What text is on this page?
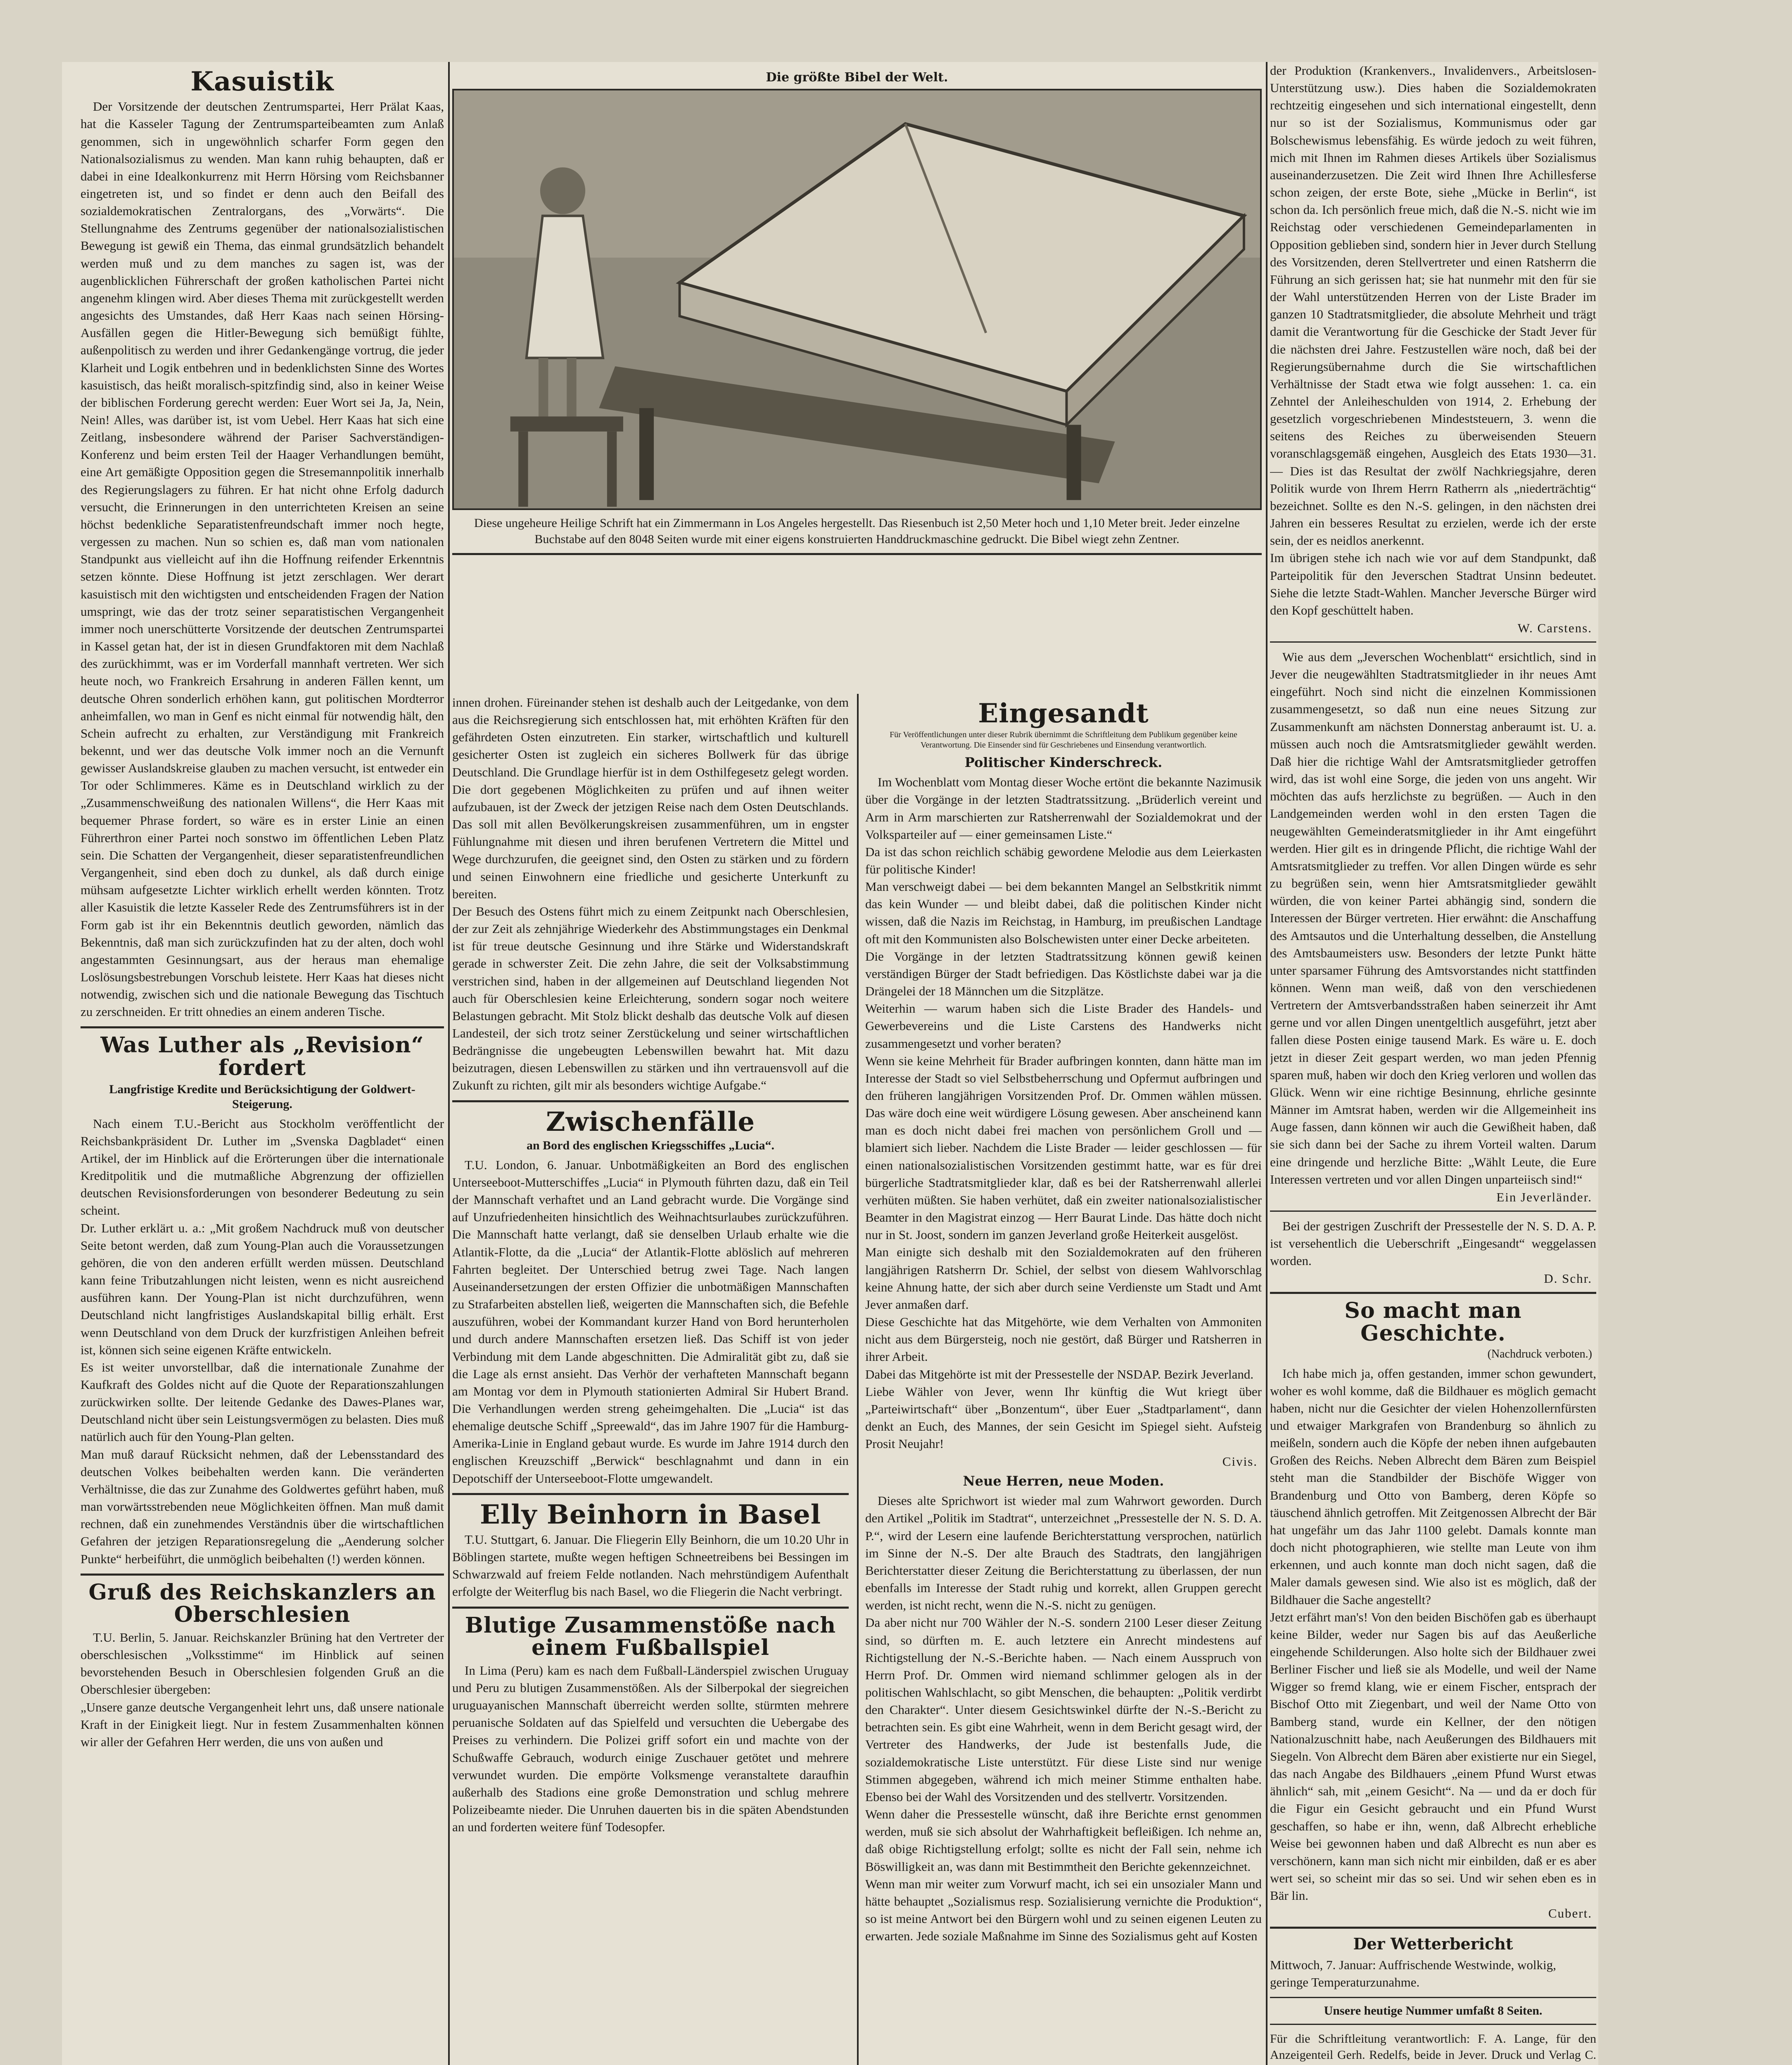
Kasuistik

Der Vorsitzende der deutschen Zentrumspartei, Herr Prälat Kaas, hat die Kasseler Tagung der Zentrumsparteibeamten zum Anlaß genommen, sich in ungewöhnlich scharfer Form gegen den Nationalsozialismus zu wenden. Man kann ruhig behaupten, daß er dabei in eine Idealkonkurrenz mit Herrn Hörsing vom Reichsbanner eingetreten ist, und so findet er denn auch den Beifall des sozialdemokratischen Zentralorgans, des „Vorwärts“. Die Stellungnahme des Zentrums gegenüber der nationalsozialistischen Bewegung ist gewiß ein Thema, das einmal grundsätzlich behandelt werden muß und zu dem manches zu sagen ist, was der augenblicklichen Führerschaft der großen katholischen Partei nicht angenehm klingen wird. Aber dieses Thema mit zurückgestellt werden angesichts des Umstandes, daß Herr Kaas nach seinen Hörsing-Ausfällen gegen die Hitler-Bewegung sich bemüßigt fühlte, außenpolitisch zu werden und ihrer Gedankengänge vortrug, die jeder Klarheit und Logik entbehren und in bedenklichsten Sinne des Wortes kasuistisch, das heißt moralisch-spitzfindig sind, also in keiner Weise der biblischen Forderung gerecht werden: Euer Wort sei Ja, Ja, Nein, Nein! Alles, was darüber ist, ist vom Uebel. Herr Kaas hat sich eine Zeitlang, insbesondere während der Pariser Sachverständigen-Konferenz und beim ersten Teil der Haager Verhandlungen bemüht, eine Art gemäßigte Opposition gegen die Stresemannpolitik innerhalb des Regierungslagers zu führen. Er hat nicht ohne Erfolg dadurch versucht, die Erinnerungen in den unterrichteten Kreisen an seine höchst bedenkliche Separatistenfreundschaft immer noch hegte, vergessen zu machen. Nun so schien es, daß man vom nationalen Standpunkt aus vielleicht auf ihn die Hoffnung reifender Erkenntnis setzen könnte. Diese Hoffnung ist jetzt zerschlagen. Wer derart kasuistisch mit den wichtigsten und entscheidenden Fragen der Nation umspringt, wie das der trotz seiner separatistischen Vergangenheit immer noch unerschütterte Vorsitzende der deutschen Zentrumspartei in Kassel getan hat, der ist in diesen Grundfaktoren mit dem Nachlaß des zurückhimmt, was er im Vorderfall mannhaft vertreten. Wer sich heute noch, wo Frankreich Ersahrung in anderen Fällen kennt, um deutsche Ohren sonderlich erhöhen kann, gut politischen Mordterror anheimfallen, wo man in Genf es nicht einmal für notwendig hält, den Schein aufrecht zu erhalten, zur Verständigung mit Frankreich bekennt, und wer das deutsche Volk immer noch an die Vernunft gewisser Auslandskreise glauben zu machen versucht, ist entweder ein Tor oder Schlimmeres. Käme es in Deutschland wirklich zu der „Zusammenschweißung des nationalen Willens“, die Herr Kaas mit bequemer Phrase fordert, so wäre es in erster Linie an einen Führerthron einer Partei noch sonstwo im öffentlichen Leben Platz sein. Die Schatten der Vergangenheit, dieser separatistenfreundlichen Vergangenheit, sind eben doch zu dunkel, als daß durch einige mühsam aufgesetzte Lichter wirklich erhellt werden könnten. Trotz aller Kasuistik die letzte Kasseler Rede des Zentrumsführers ist in der Form gab ist ihr ein Bekenntnis deutlich geworden, nämlich das Bekenntnis, daß man sich zurückzufinden hat zu der alten, doch wohl angestammten Gesinnungsart, aus der heraus man ehemalige Loslösungsbestrebungen Vorschub leistete. Herr Kaas hat dieses nicht notwendig, zwischen sich und die nationale Bewegung das Tischtuch zu zerschneiden. Er tritt ohnedies an einem anderen Tische.

Was Luther als „Revision“ fordert
Langfristige Kredite und Berücksichtigung der Goldwert-Steigerung.

Nach einem T.U.-Bericht aus Stockholm veröffentlicht der Reichsbankpräsident Dr. Luther im „Svenska Dagbladet“ einen Artikel, der im Hinblick auf die Erörterungen über die internationale Kreditpolitik und die mutmaßliche Abgrenzung der offiziellen deutschen Revisionsforderungen von besonderer Bedeutung zu sein scheint.
Dr. Luther erklärt u. a.: „Mit großem Nachdruck muß von deutscher Seite betont werden, daß zum Young-Plan auch die Voraussetzungen gehören, die von den anderen erfüllt werden müssen. Deutschland kann feine Tributzahlungen nicht leisten, wenn es nicht ausreichend ausführen kann. Der Young-Plan ist nicht durchzuführen, wenn Deutschland nicht langfristiges Auslandskapital billig erhält. Erst wenn Deutschland von dem Druck der kurzfristigen Anleihen befreit ist, können sich seine eigenen Kräfte entwickeln.
Es ist weiter unvorstellbar, daß die internationale Zunahme der Kaufkraft des Goldes nicht auf die Quote der Reparationszahlungen zurückwirken sollte. Der leitende Gedanke des Dawes-Planes war, Deutschland nicht über sein Leistungsvermögen zu belasten. Dies muß natürlich auch für den Young-Plan gelten.
Man muß darauf Rücksicht nehmen, daß der Lebensstandard des deutschen Volkes beibehalten werden kann. Die veränderten Verhältnisse, die das zur Zunahme des Goldwertes geführt haben, muß man vorwärtsstrebenden neue Möglichkeiten öffnen. Man muß damit rechnen, daß ein zunehmendes Verständnis über die wirtschaftlichen Gefahren der jetzigen Reparationsregelung die „Aenderung solcher Punkte“ herbeiführt, die unmöglich beibehalten (!) werden können.

Gruß des Reichskanzlers an Oberschlesien

T.U. Berlin, 5. Januar. Reichskanzler Brüning hat den Vertreter der oberschlesischen „Volksstimme“ im Hinblick auf seinen bevorstehenden Besuch in Oberschlesien folgenden Gruß an die Oberschlesier übergeben:
„Unsere ganze deutsche Vergangenheit lehrt uns, daß unsere nationale Kraft in der Einigkeit liegt. Nur in festem Zusammenhalten können wir aller der Gefahren Herr werden, die uns von außen und

Die größte Bibel der Welt.
Diese ungeheure Heilige Schrift hat ein Zimmermann in Los Angeles hergestellt. Das Riesenbuch ist 2,50 Meter hoch und 1,10 Meter breit. Jeder einzelne Buchstabe auf den 8048 Seiten wurde mit einer eigens konstruierten Handdruckmaschine gedruckt. Die Bibel wiegt zehn Zentner.

innen drohen. Füreinander stehen ist deshalb auch der Leitgedanke, von dem aus die Reichsregierung sich entschlossen hat, mit erhöhten Kräften für den gefährdeten Osten einzutreten. Ein starker, wirtschaftlich und kulturell gesicherter Osten ist zugleich ein sicheres Bollwerk für das übrige Deutschland. Die Grundlage hierfür ist in dem Osthilfegesetz gelegt worden. Die dort gegebenen Möglichkeiten zu prüfen und auf ihnen weiter aufzubauen, ist der Zweck der jetzigen Reise nach dem Osten Deutschlands. Das soll mit allen Bevölkerungskreisen zusammenführen, um in engster Fühlungnahme mit diesen und ihren berufenen Vertretern die Mittel und Wege durchzurufen, die geeignet sind, den Osten zu stärken und zu fördern und seinen Einwohnern eine friedliche und gesicherte Unterkunft zu bereiten.
Der Besuch des Ostens führt mich zu einem Zeitpunkt nach Oberschlesien, der zur Zeit als zehnjährige Wiederkehr des Abstimmungstages ein Denkmal ist für treue deutsche Gesinnung und ihre Stärke und Widerstandskraft gerade in schwerster Zeit. Die zehn Jahre, die seit der Volksabstimmung verstrichen sind, haben in der allgemeinen auf Deutschland liegenden Not auch für Oberschlesien keine Erleichterung, sondern sogar noch weitere Belastungen gebracht. Mit Stolz blickt deshalb das deutsche Volk auf diesen Landesteil, der sich trotz seiner Zerstückelung und seiner wirtschaftlichen Bedrängnisse die ungebeugten Lebenswillen bewahrt hat. Mit dazu beizutragen, diesen Lebenswillen zu stärken und ihn vertrauensvoll auf die Zukunft zu richten, gilt mir als besonders wichtige Aufgabe.“

Zwischenfälle
an Bord des englischen Kriegsschiffes „Lucia“.

T.U. London, 6. Januar. Unbotmäßigkeiten an Bord des englischen Unterseeboot-Mutterschiffes „Lucia“ in Plymouth führten dazu, daß ein Teil der Mannschaft verhaftet und an Land gebracht wurde. Die Vorgänge sind auf Unzufriedenheiten hinsichtlich des Weihnachtsurlaubes zurückzuführen. Die Mannschaft hatte verlangt, daß sie denselben Urlaub erhalte wie die Atlantik-Flotte, da die „Lucia“ der Atlantik-Flotte ablöslich auf mehreren Fahrten begleitet. Der Unterschied betrug zwei Tage. Nach langen Auseinandersetzungen der ersten Offizier die unbotmäßigen Mannschaften zu Strafarbeiten abstellen ließ, weigerten die Mannschaften sich, die Befehle auszuführen, wobei der Kommandant kurzer Hand von Bord herunterholen und durch andere Mannschaften ersetzen ließ. Das Schiff ist von jeder Verbindung mit dem Lande abgeschnitten. Die Admiralität gibt zu, daß sie die Lage als ernst ansieht. Das Verhör der verhafteten Mannschaft begann am Montag vor dem in Plymouth stationierten Admiral Sir Hubert Brand. Die Verhandlungen werden streng geheimgehalten. Die „Lucia“ ist das ehemalige deutsche Schiff „Spreewald“, das im Jahre 1907 für die Hamburg-Amerika-Linie in England gebaut wurde. Es wurde im Jahre 1914 durch den englischen Kreuzschiff „Berwick“ beschlagnahmt und dann in ein Depotschiff der Unterseeboot-Flotte umgewandelt.

Elly Beinhorn in Basel

T.U. Stuttgart, 6. Januar. Die Fliegerin Elly Beinhorn, die um 10.20 Uhr in Böblingen startete, mußte wegen heftigen Schneetreibens bei Bessingen im Schwarzwald auf freiem Felde notlanden. Nach mehrstündigem Aufenthalt erfolgte der Weiterflug bis nach Basel, wo die Fliegerin die Nacht verbringt.

Blutige Zusammenstöße nach einem Fußballspiel

In Lima (Peru) kam es nach dem Fußball-Länderspiel zwischen Uruguay und Peru zu blutigen Zusammenstößen. Als der Silberpokal der siegreichen uruguayanischen Mannschaft überreicht werden sollte, stürmten mehrere peruanische Soldaten auf das Spielfeld und versuchten die Uebergabe des Preises zu verhindern. Die Polizei griff sofort ein und machte von der Schußwaffe Gebrauch, wodurch einige Zuschauer getötet und mehrere verwundet wurden. Die empörte Volksmenge veranstaltete daraufhin außerhalb des Stadions eine große Demonstration und schlug mehrere Polizeibeamte nieder. Die Unruhen dauerten bis in die späten Abendstunden an und forderten weitere fünf Todesopfer.

Eingesandt
Für Veröffentlichungen unter dieser Rubrik übernimmt die Schriftleitung dem Publikum gegenüber keine Verantwortung. Die Einsender sind für Geschriebenes und Einsendung verantwortlich.
Politischer Kinderschreck.

Im Wochenblatt vom Montag dieser Woche ertönt die bekannte Nazimusik über die Vorgänge in der letzten Stadtratssitzung. „Brüderlich vereint und Arm in Arm marschierten zur Ratsherrenwahl der Sozialdemokrat und der Volksparteiler auf — einer gemeinsamen Liste.“
Da ist das schon reichlich schäbig gewordene Melodie aus dem Leierkasten für politische Kinder!
Man verschweigt dabei — bei dem bekannten Mangel an Selbstkritik nimmt das kein Wunder — und bleibt dabei, daß die politischen Kinder nicht wissen, daß die Nazis im Reichstag, in Hamburg, im preußischen Landtage oft mit den Kommunisten also Bolschewisten unter einer Decke arbeiteten.
Die Vorgänge in der letzten Stadtratssitzung können gewiß keinen verständigen Bürger der Stadt befriedigen. Das Köstlichste dabei war ja die Drängelei der 18 Männchen um die Sitzplätze.
Weiterhin — warum haben sich die Liste Brader des Handels- und Gewerbevereins und die Liste Carstens des Handwerks nicht zusammengesetzt und vorher beraten?
Wenn sie keine Mehrheit für Brader aufbringen konnten, dann hätte man im Interesse der Stadt so viel Selbstbeherrschung und Opfermut aufbringen und den früheren langjährigen Vorsitzenden Prof. Dr. Ommen wählen müssen. Das wäre doch eine weit würdigere Lösung gewesen. Aber anscheinend kann man es doch nicht dabei frei machen von persönlichem Groll und — blamiert sich lieber. Nachdem die Liste Brader — leider geschlossen — für einen nationalsozialistischen Vorsitzenden gestimmt hatte, war es für drei bürgerliche Stadtratsmitglieder klar, daß es bei der Ratsherrenwahl allerlei verhüten müßten. Sie haben verhütet, daß ein zweiter nationalsozialistischer Beamter in den Magistrat einzog — Herr Baurat Linde. Das hätte doch nicht nur in St. Joost, sondern im ganzen Jeverland große Heiterkeit ausgelöst.
Man einigte sich deshalb mit den Sozialdemokraten auf den früheren langjährigen Ratsherrn Dr. Schiel, der selbst von diesem Wahlvorschlag keine Ahnung hatte, der sich aber durch seine Verdienste um Stadt und Amt Jever anmaßen darf.
Diese Geschichte hat das Mitgehörte, wie dem Verhalten von Ammoniten nicht aus dem Bürgersteig, noch nie gestört, daß Bürger und Ratsherren in ihrer Arbeit.
Dabei das Mitgehörte ist mit der Pressestelle der NSDAP. Bezirk Jeverland.
Liebe Wähler von Jever, wenn Ihr künftig die Wut kriegt über „Parteiwirtschaft“ über „Bonzentum“, über Euer „Stadtparlament“, dann denkt an Euch, des Mannes, der sein Gesicht im Spiegel sieht. Aufsteig Prosit Neujahr!

Civis.
Neue Herren, neue Moden.

Dieses alte Sprichwort ist wieder mal zum Wahrwort geworden. Durch den Artikel „Politik im Stadtrat“, unterzeichnet „Pressestelle der N. S. D. A. P.“, wird der Lesern eine laufende Berichterstattung versprochen, natürlich im Sinne der N.-S. Der alte Brauch des Stadtrats, den langjährigen Berichterstatter dieser Zeitung die Berichterstattung zu überlassen, der nun ebenfalls im Interesse der Stadt ruhig und korrekt, allen Gruppen gerecht werden, ist nicht recht, wenn die N.-S. nicht zu genügen.
Da aber nicht nur 700 Wähler der N.-S. sondern 2100 Leser dieser Zeitung sind, so dürften m. E. auch letztere ein Anrecht mindestens auf Richtigstellung der N.-S.-Berichte haben. — Nach einem Ausspruch von Herrn Prof. Dr. Ommen wird niemand schlimmer gelogen als in der politischen Wahlschlacht, so gibt Menschen, die behaupten: „Politik verdirbt den Charakter“. Unter diesem Gesichtswinkel dürfte der N.-S.-Bericht zu betrachten sein. Es gibt eine Wahrheit, wenn in dem Bericht gesagt wird, der Vertreter des Handwerks, der Jude ist bestenfalls Jude, die sozialdemokratische Liste unterstützt. Für diese Liste sind nur wenige Stimmen abgegeben, während ich mich meiner Stimme enthalten habe. Ebenso bei der Wahl des Vorsitzenden und des stellvertr. Vorsitzenden.
Wenn daher die Pressestelle wünscht, daß ihre Berichte ernst genommen werden, muß sie sich absolut der Wahrhaftigkeit befleißigen. Ich nehme an, daß obige Richtigstellung erfolgt; sollte es nicht der Fall sein, nehme ich Böswilligkeit an, was dann mit Bestimmtheit den Berichte gekennzeichnet.
Wenn man mir weiter zum Vorwurf macht, ich sei ein unsozialer Mann und hätte behauptet „Sozialismus resp. Sozialisierung vernichte die Produktion“, so ist meine Antwort bei den Bürgern wohl und zu seinen eigenen Leuten zu erwarten. Jede soziale Maßnahme im Sinne des Sozialismus geht auf Kosten

der Produktion (Krankenvers., Invalidenvers., Arbeitslosen-Unterstützung usw.). Dies haben die Sozialdemokraten rechtzeitig eingesehen und sich international eingestellt, denn nur so ist der Sozialismus, Kommunismus oder gar Bolschewismus lebensfähig. Es würde jedoch zu weit führen, mich mit Ihnen im Rahmen dieses Artikels über Sozialismus auseinanderzusetzen. Die Zeit wird Ihnen Ihre Achillesferse schon zeigen, der erste Bote, siehe „Mücke in Berlin“, ist schon da. Ich persönlich freue mich, daß die N.-S. nicht wie im Reichstag oder verschiedenen Gemeindeparlamenten in Opposition geblieben sind, sondern hier in Jever durch Stellung des Vorsitzenden, deren Stellvertreter und einen Ratsherrn die Führung an sich gerissen hat; sie hat nunmehr mit den für sie der Wahl unterstützenden Herren von der Liste Brader im ganzen 10 Stadtratsmitglieder, die absolute Mehrheit und trägt damit die Verantwortung für die Geschicke der Stadt Jever für die nächsten drei Jahre. Festzustellen wäre noch, daß bei der Regierungsübernahme durch die Sie wirtschaftlichen Verhältnisse der Stadt etwa wie folgt aussehen: 1. ca. ein Zehntel der Anleiheschulden von 1914, 2. Erhebung der gesetzlich vorgeschriebenen Mindeststeuern, 3. wenn die seitens des Reiches zu überweisenden Steuern voranschlagsgemäß eingehen, Ausgleich des Etats 1930—31. — Dies ist das Resultat der zwölf Nachkriegsjahre, deren Politik wurde von Ihrem Herrn Ratherrn als „niederträchtig“ bezeichnet. Sollte es den N.-S. gelingen, in den nächsten drei Jahren ein besseres Resultat zu erzielen, werde ich der erste sein, der es neidlos anerkennt.
Im übrigen stehe ich nach wie vor auf dem Standpunkt, daß Parteipolitik für den Jeverschen Stadtrat Unsinn bedeutet. Siehe die letzte Stadt-Wahlen. Mancher Jeversche Bürger wird den Kopf geschüttelt haben.

W. Carstens.

Wie aus dem „Jeverschen Wochenblatt“ ersichtlich, sind in Jever die neugewählten Stadtratsmitglieder in ihr neues Amt eingeführt. Noch sind nicht die einzelnen Kommissionen zusammengesetzt, so daß nun eine neues Sitzung zur Zusammenkunft am nächsten Donnerstag anberaumt ist. U. a. müssen auch noch die Amtsratsmitglieder gewählt werden. Daß hier die richtige Wahl der Amtsratsmitglieder getroffen wird, das ist wohl eine Sorge, die jeden von uns angeht. Wir möchten das aufs herzlichste zu begrüßen. — Auch in den Landgemeinden werden wohl in den ersten Tagen die neugewählten Gemeinderatsmitglieder in ihr Amt eingeführt werden. Hier gilt es in dringende Pflicht, die richtige Wahl der Amtsratsmitglieder zu treffen. Vor allen Dingen würde es sehr zu begrüßen sein, wenn hier Amtsratsmitglieder gewählt würden, die von keiner Partei abhängig sind, sondern die Interessen der Bürger vertreten. Hier erwähnt: die Anschaffung des Amtsautos und die Unterhaltung desselben, die Anstellung des Amtsbaumeisters usw. Besonders der letzte Punkt hätte unter sparsamer Führung des Amtsvorstandes nicht stattfinden können. Wenn man weiß, daß von den verschiedenen Vertretern der Amtsverbandsstraßen haben seinerzeit ihr Amt gerne und vor allen Dingen unentgeltlich ausgeführt, jetzt aber fallen diese Posten einige tausend Mark. Es wäre u. E. doch jetzt in dieser Zeit gespart werden, wo man jeden Pfennig sparen muß, haben wir doch den Krieg verloren und wollen das Glück. Wenn wir eine richtige Besinnung, ehrliche gesinnte Männer im Amtsrat haben, werden wir die Allgemeinheit ins Auge fassen, dann können wir auch die Gewißheit haben, daß sie sich dann bei der Sache zu ihrem Vorteil walten. Darum eine dringende und herzliche Bitte: „Wählt Leute, die Eure Interessen vertreten und vor allen Dingen unparteiisch sind!“

Ein Jeverländer.

Bei der gestrigen Zuschrift der Pressestelle der N. S. D. A. P. ist versehentlich die Ueberschrift „Eingesandt“ weggelassen worden.

D. Schr.
So macht man Geschichte.
(Nachdruck verboten.)

Ich habe mich ja, offen gestanden, immer schon gewundert, woher es wohl komme, daß die Bildhauer es möglich gemacht haben, nicht nur die Gesichter der vielen Hohenzollernfürsten und etwaiger Markgrafen von Brandenburg so ähnlich zu meißeln, sondern auch die Köpfe der neben ihnen aufgebauten Großen des Reichs. Neben Albrecht dem Bären zum Beispiel steht man die Standbilder der Bischöfe Wigger von Brandenburg und Otto von Bamberg, deren Köpfe so täuschend ähnlich getroffen. Mit Zeitgenossen Albrecht der Bär hat ungefähr um das Jahr 1100 gelebt. Damals konnte man doch nicht photographieren, wie stellte man Leute von ihm erkennen, und auch konnte man doch nicht sagen, daß die Maler damals gewesen sind. Wie also ist es möglich, daß der Bildhauer die Sache angestellt?
Jetzt erfährt man's! Von den beiden Bischöfen gab es überhaupt keine Bilder, weder nur Sagen bis auf das Aeußerliche eingehende Schilderungen. Also holte sich der Bildhauer zwei Berliner Fischer und ließ sie als Modelle, und weil der Name Wigger so fremd klang, wie er einem Fischer, entsprach der Bischof Otto mit Ziegenbart, und weil der Name Otto von Bamberg stand, wurde ein Kellner, der den nötigen Nationalzuschnitt habe, nach Aeußerungen des Bildhauers mit Siegeln. Von Albrecht dem Bären aber existierte nur ein Siegel, das nach Angabe des Bildhauers „einem Pfund Wurst etwas ähnlich“ sah, mit „einem Gesicht“. Na — und da er doch für die Figur ein Gesicht gebraucht und ein Pfund Wurst geschaffen, so habe er ihn, wenn, daß Albrecht erhebliche Weise bei gewonnen haben und daß Albrecht es nun aber es verschönern, kann man sich nicht mir einbilden, daß er es aber wert sei, so scheint mir das so sei. Und wir sehen eben es in Bär lin.

Cubert.
Der Wetterbericht
Mittwoch, 7. Januar: Auffrischende Westwinde, wolkig, geringe Temperaturzunahme.
Unsere heutige Nummer umfaßt 8 Seiten.
Für die Schriftleitung verantwortlich: F. A. Lange, für den Anzeigenteil Gerh. Redelfs, beide in Jever. Druck und Verlag C.
